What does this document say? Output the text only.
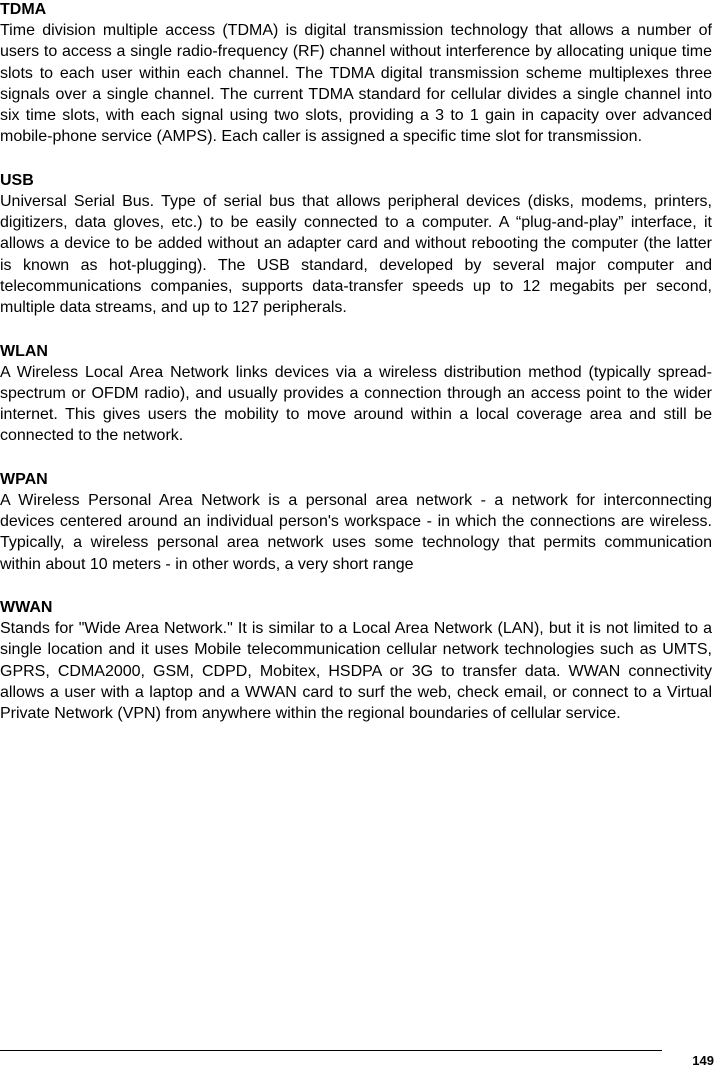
TDMA

Time division multiple access (TDMA) is digital transmission technology that allows a number of users to access a single radio-frequency (RF) channel without interference by allocating unique time slots to each user within each channel. The TDMA digital transmission scheme multiplexes three signals over a single channel. The current TDMA standard for cellular divides a single channel into six time slots, with each signal using two slots, providing a 3 to 1 gain in capacity over advanced mobile-phone service (AMPS). Each caller is assigned a specific time slot for transmission.

USB

Universal Serial Bus. Type of serial bus that allows peripheral devices (disks, modems, printers, digitizers, data gloves, etc.) to be easily connected to a computer. A “plug-and-play” interface, it allows a device to be added without an adapter card and without rebooting the computer (the latter is known as hot-plugging). The USB standard, developed by several major computer and telecommunications companies, supports data-transfer speeds up to 12 megabits per second, multiple data streams, and up to 127 peripherals.

WLAN

A Wireless Local Area Network links devices via a wireless distribution method (typically spread-spectrum or OFDM radio), and usually provides a connection through an access point to the wider internet. This gives users the mobility to move around within a local coverage area and still be connected to the network.

WPAN

A Wireless Personal Area Network is a personal area network - a network for interconnecting devices centered around an individual person's workspace - in which the connections are wireless. Typically, a wireless personal area network uses some technology that permits communication within about 10 meters - in other words, a very short range

WWAN

Stands for "Wide Area Network." It is similar to a Local Area Network (LAN), but it is not limited to a single location and it uses Mobile telecommunication cellular network technologies such as UMTS, GPRS, CDMA2000, GSM, CDPD, Mobitex, HSDPA or 3G to transfer data. WWAN connectivity allows a user with a laptop and a WWAN card to surf the web, check email, or connect to a Virtual Private Network (VPN) from anywhere within the regional boundaries of cellular service.

149
